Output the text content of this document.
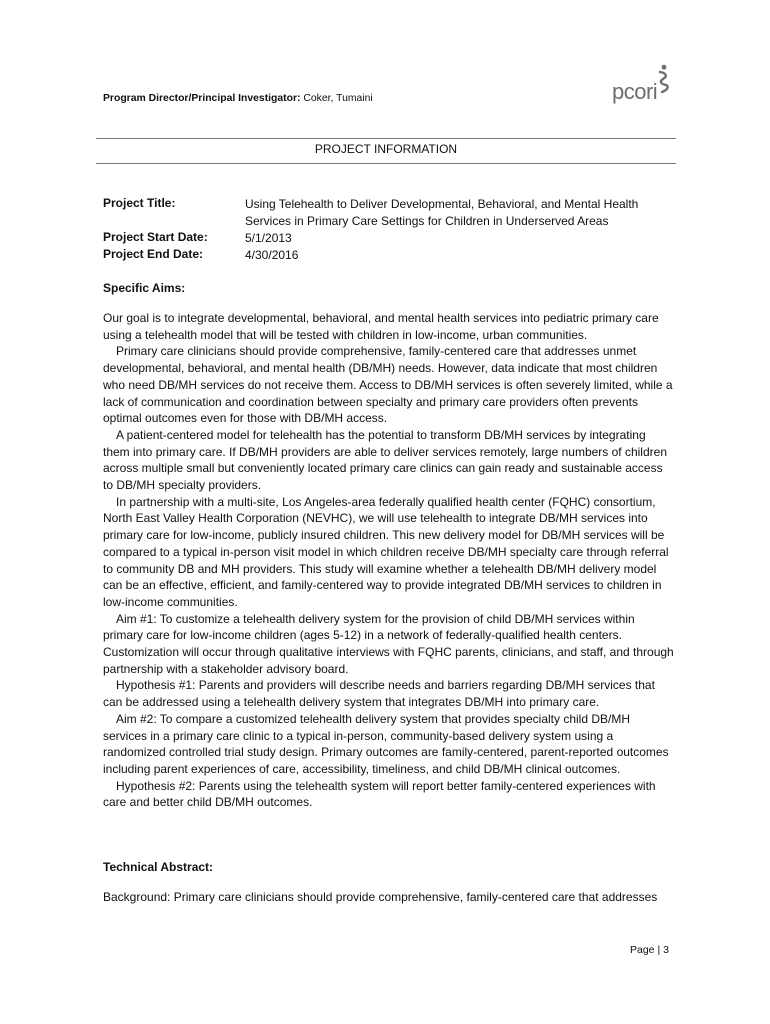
Program Director/Principal Investigator: Coker, Tumaini	pcori
PROJECT INFORMATION
Project Title:	Using Telehealth to Deliver Developmental, Behavioral, and Mental Health Services in Primary Care Settings for Children in Underserved Areas
Project Start Date:	5/1/2013
Project End Date:	4/30/2016
Specific Aims:

Our goal is to integrate developmental, behavioral, and mental health services into pediatric primary care using a telehealth model that will be tested with children in low-income, urban communities.

Primary care clinicians should provide comprehensive, family-centered care that addresses unmet developmental, behavioral, and mental health (DB/MH) needs. However, data indicate that most children who need DB/MH services do not receive them. Access to DB/MH services is often severely limited, while a lack of communication and coordination between specialty and primary care providers often prevents optimal outcomes even for those with DB/MH access.

A patient-centered model for telehealth has the potential to transform DB/MH services by integrating them into primary care. If DB/MH providers are able to deliver services remotely, large numbers of children across multiple small but conveniently located primary care clinics can gain ready and sustainable access to DB/MH specialty providers.

In partnership with a multi-site, Los Angeles-area federally qualified health center (FQHC) consortium, North East Valley Health Corporation (NEVHC), we will use telehealth to integrate DB/MH services into primary care for low-income, publicly insured children. This new delivery model for DB/MH services will be compared to a typical in-person visit model in which children receive DB/MH specialty care through referral to community DB and MH providers. This study will examine whether a telehealth DB/MH delivery model can be an effective, efficient, and family-centered way to provide integrated DB/MH services to children in low-income communities.

Aim #1: To customize a telehealth delivery system for the provision of child DB/MH services within primary care for low-income children (ages 5-12) in a network of federally-qualified health centers. Customization will occur through qualitative interviews with FQHC parents, clinicians, and staff, and through partnership with a stakeholder advisory board.

Hypothesis #1: Parents and providers will describe needs and barriers regarding DB/MH services that can be addressed using a telehealth delivery system that integrates DB/MH into primary care.

Aim #2: To compare a customized telehealth delivery system that provides specialty child DB/MH services in a primary care clinic to a typical in-person, community-based delivery system using a randomized controlled trial study design. Primary outcomes are family-centered, parent-reported outcomes including parent experiences of care, accessibility, timeliness, and child DB/MH clinical outcomes.

Hypothesis #2: Parents using the telehealth system will report better family-centered experiences with care and better child DB/MH outcomes.

Technical Abstract:

Background: Primary care clinicians should provide comprehensive, family-centered care that addresses

Page | 3
